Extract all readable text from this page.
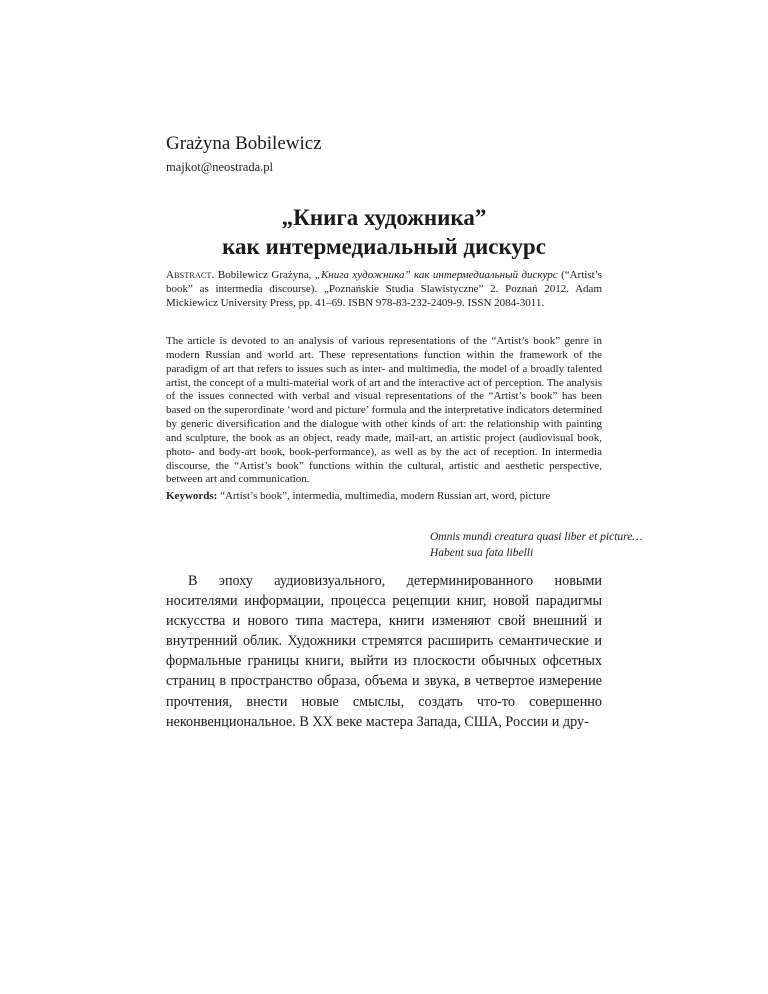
Grażyna Bobilewicz
majkot@neostrada.pl
„Книга художника”
как интермедиальный дискурс
Abstract. Bobilewicz Grażyna, „Книга художника” как интермедиальный дискурс (“Artist’s book” as intermedia discourse). „Poznańskie Studia Slawistyczne” 2. Poznań 2012. Adam Mickiewicz University Press, pp. 41–69. ISBN 978-83-232-2409-9. ISSN 2084-3011.
The article is devoted to an analysis of various representations of the “Artist’s book” genre in modern Russian and world art. These representations function within the framework of the paradigm of art that refers to issues such as inter- and multimedia, the model of a broadly talented artist, the concept of a multi-material work of art and the interactive act of perception. The analysis of the issues connected with verbal and visual representations of the “Artist’s book” has been based on the superordinate ‘word and picture’ formula and the interpretative indicators determined by generic diversification and the dialogue with other kinds of art: the relationship with painting and sculpture, the book as an object, ready made, mail-art, an artistic project (audiovisual book, photo- and body-art book, book-performance), as well as by the act of reception. In intermedia discourse, the “Artist’s book” functions within the cultural, artistic and aesthetic perspective, between art and communication.
Keywords: “Artist’s book”, intermedia, multimedia, modern Russian art, word, picture
Omnis mundi creatura quasi liber et picture…
Habent sua fata libelli

В эпоху аудиовизуального, детерминированного новыми носителями информации, процесса рецепции книг, новой парадигмы искусства и нового типа мастера, книги изменяют свой внешний и внутренний облик. Художники стремятся расширить семантические и формальные границы книги, выйти из плоскости обычных офсетных страниц в пространство образа, объема и звука, в четвертое измерение прочтения, внести новые смыслы, создать что-то совершенно неконвенциональное. В XX веке мастера Запада, США, России и дру-
